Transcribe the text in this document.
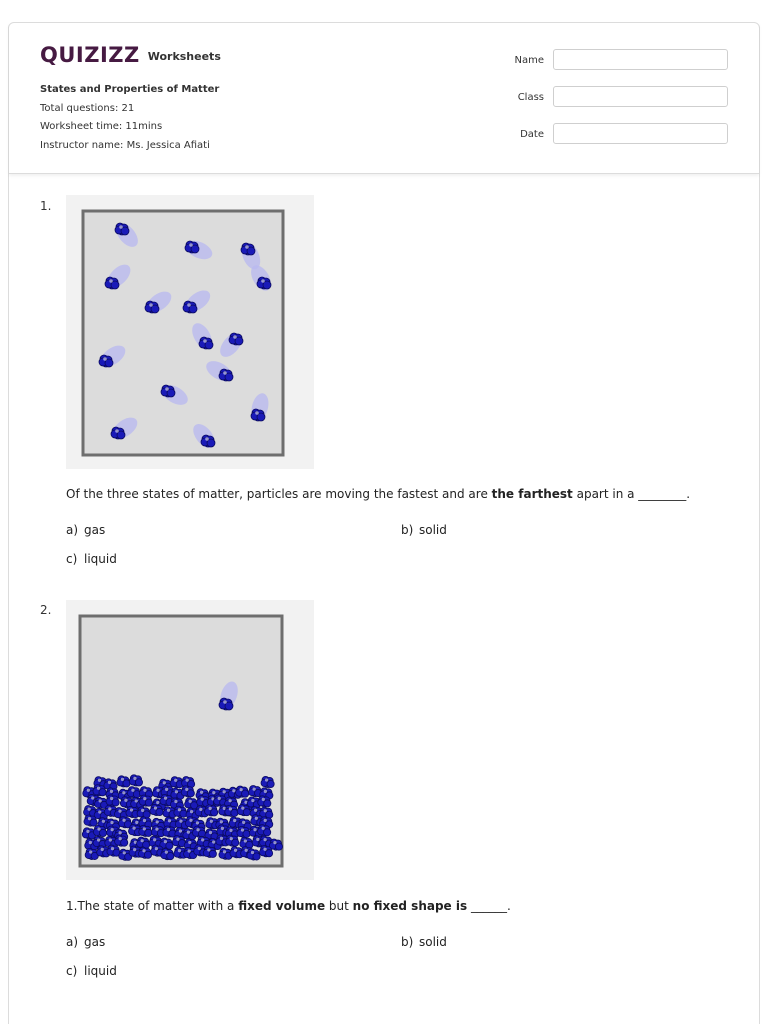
QUIZIZZ Worksheets
States and Properties of Matter
Total questions: 21
Worksheet time: 11mins
Instructor name: Ms. Jessica Afiati
Name
Class
Date
1.
Of the three states of matter, particles are moving the fastest and are the farthest apart in a ________.
a) gas	b) solid
c) liquid
2.
1.The state of matter with a fixed volume but no fixed shape is ______.
a) gas	b) solid
c) liquid
